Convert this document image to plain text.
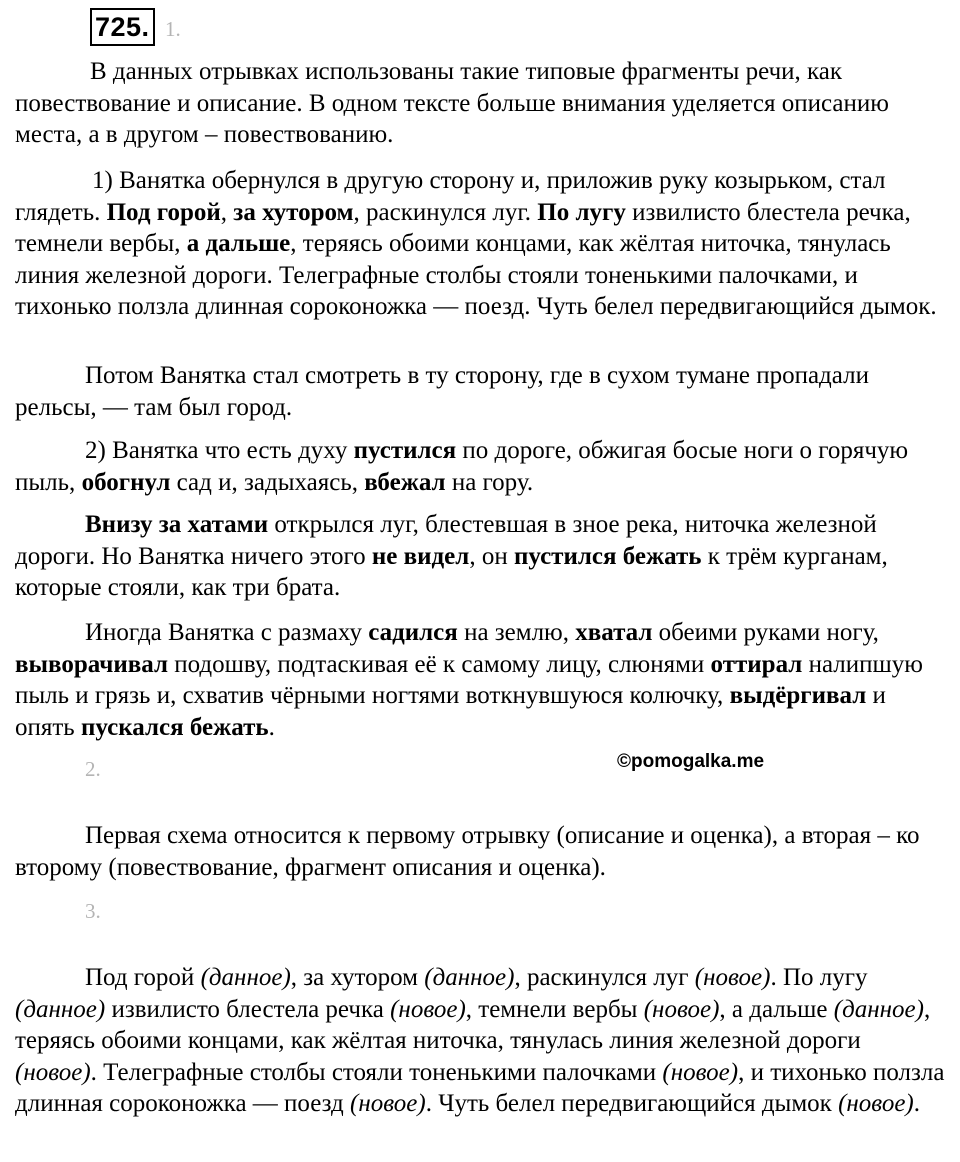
725. 1.

В данных отрывках использованы такие типовые фрагменты речи, как повествование и описание. В одном тексте больше внимания уделяется описанию места, а в другом – повествованию.

1) Ванятка обернулся в другую сторону и, приложив руку козырьком, стал глядеть. Под горой, за хутором, раскинулся луг. По лугу извилисто блестела речка, темнели вербы, а дальше, теряясь обоими концами, как жёлтая ниточка, тянулась линия железной дороги. Телеграфные столбы стояли тоненькими палочками, и тихонько ползла длинная сороконожка — поезд. Чуть белел передвигающийся дымок.

Потом Ванятка стал смотреть в ту сторону, где в сухом тумане пропадали рельсы, — там был город.

2) Ванятка что есть духу пустился по дороге, обжигая босые ноги о горячую пыль, обогнул сад и, задыхаясь, вбежал на гору.

Внизу за хатами открылся луг, блестевшая в зное река, ниточка железной дороги. Но Ванятка ничего этого не видел, он пустился бежать к трём курганам, которые стояли, как три брата.

Иногда Ванятка с размаху садился на землю, хватал обеими руками ногу, выворачивал подошву, подтаскивая её к самому лицу, слюнями оттирал налипшую пыль и грязь и, схватив чёрными ногтями воткнувшуюся колючку, выдёргивал и опять пускался бежать.

2.	©pomogalka.me

Первая схема относится к первому отрывку (описание и оценка), а вторая – ко второму (повествование, фрагмент описания и оценка).

3.

Под горой (данное), за хутором (данное), раскинулся луг (новое). По лугу (данное) извилисто блестела речка (новое), темнели вербы (новое), а дальше (данное), теряясь обоими концами, как жёлтая ниточка, тянулась линия железной дороги (новое). Телеграфные столбы стояли тоненькими палочками (новое), и тихонько ползла длинная сороконожка — поезд (новое). Чуть белел передвигающийся дымок (новое).
